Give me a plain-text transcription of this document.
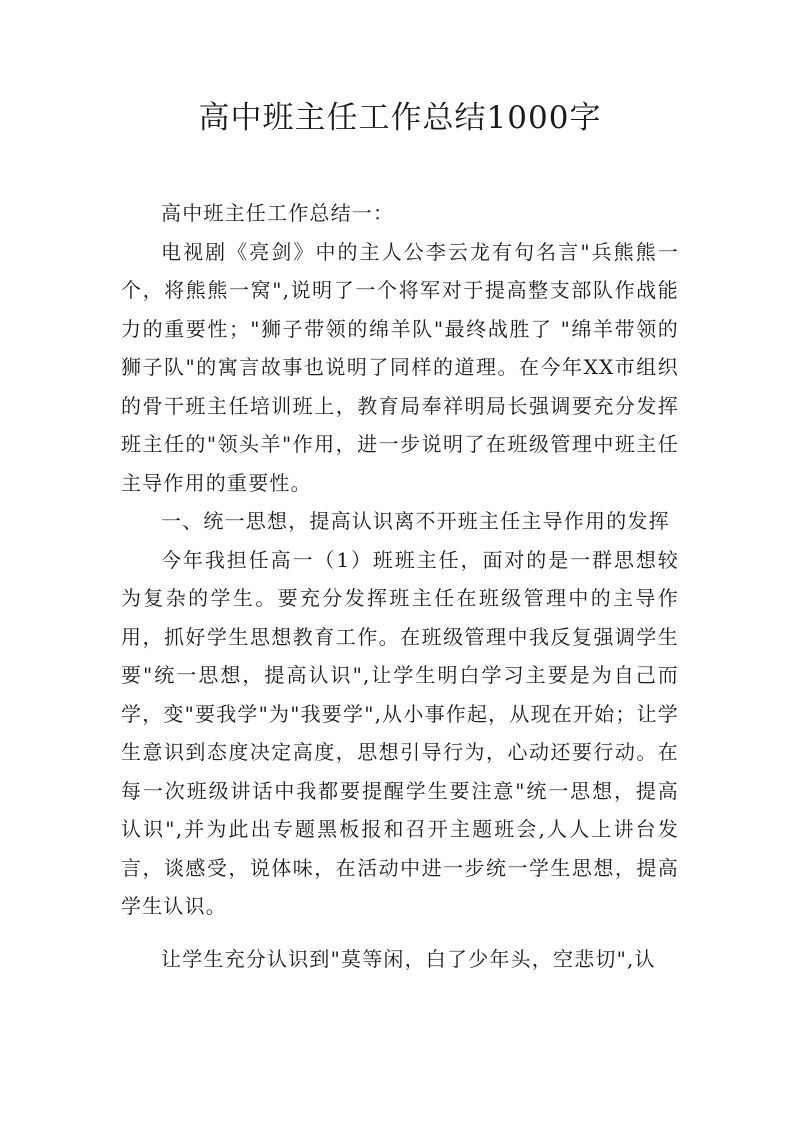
高中班主任工作总结1000字

高中班主任工作总结一：

电视剧《亮剑》中的主人公李云龙有句名言"兵熊熊一个，将熊熊一窝",说明了一个将军对于提高整支部队作战能力的重要性；"狮子带领的绵羊队"最终战胜了 "绵羊带领的狮子队"的寓言故事也说明了同样的道理。在今年XX市组织的骨干班主任培训班上，教育局奉祥明局长强调要充分发挥班主任的"领头羊"作用，进一步说明了在班级管理中班主任主导作用的重要性。

一、统一思想，提高认识离不开班主任主导作用的发挥

今年我担任高一（1）班班主任，面对的是一群思想较为复杂的学生。要充分发挥班主任在班级管理中的主导作用，抓好学生思想教育工作。在班级管理中我反复强调学生要"统一思想，提高认识",让学生明白学习主要是为自己而学，变"要我学"为"我要学",从小事作起，从现在开始；让学生意识到态度决定高度，思想引导行为，心动还要行动。在每一次班级讲话中我都要提醒学生要注意"统一思想，提高认识",并为此出专题黑板报和召开主题班会,人人上讲台发言，谈感受，说体味，在活动中进一步统一学生思想，提高学生认识。

让学生充分认识到"莫等闲，白了少年头，空悲切",认
